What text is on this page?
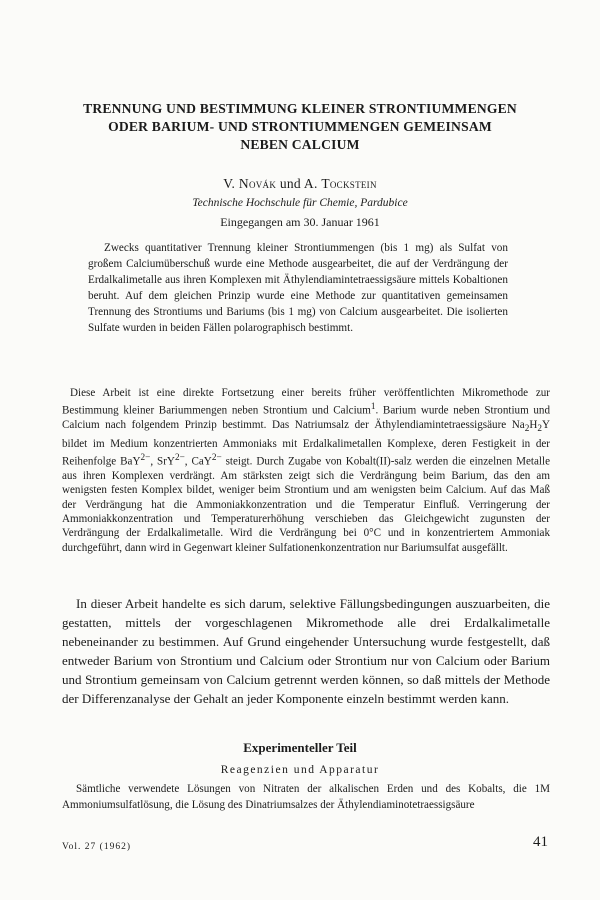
TRENNUNG UND BESTIMMUNG KLEINER STRONTIUMMENGEN
ODER BARIUM- UND STRONTIUMMENGEN GEMEINSAM
NEBEN CALCIUM
V. Novák und A. Tockstein
Technische Hochschule für Chemie, Pardubice
Eingegangen am 30. Januar 1961
Zwecks quantitativer Trennung kleiner Strontiummengen (bis 1 mg) als Sulfat von großem Calciumüberschuß wurde eine Methode ausgearbeitet, die auf der Verdrängung der Erdalkalimetalle aus ihren Komplexen mit Äthylendiamintetraessigsäure mittels Kobaltionen beruht. Auf dem gleichen Prinzip wurde eine Methode zur quantitativen gemeinsamen Trennung des Strontiums und Bariums (bis 1 mg) von Calcium ausgearbeitet. Die isolierten Sulfate wurden in beiden Fällen polarographisch bestimmt.
Diese Arbeit ist eine direkte Fortsetzung einer bereits früher veröffentlichten Mikromethode zur Bestimmung kleiner Bariummengen neben Strontium und Calcium$^1$. Barium wurde neben Strontium und Calcium nach folgendem Prinzip bestimmt. Das Natriumsalz der Äthylendiamintetraessigsäure $Na_2H_2Y$ bildet im Medium konzentrierten Ammoniaks mit Erdalkalimetallen Komplexe, deren Festigkeit in der Reihenfolge BaY$^{2-}$, SrY$^{2-}$, CaY$^{2-}$ steigt. Durch Zugabe von Kobalt(II)-salz werden die einzelnen Metalle aus ihren Komplexen verdrängt. Am stärksten zeigt sich die Verdrängung beim Barium, das den am wenigsten festen Komplex bildet, weniger beim Strontium und am wenigsten beim Calcium. Auf das Maß der Verdrängung hat die Ammoniakkonzentration und die Temperatur Einfluß. Verringerung der Ammoniakkonzentration und Temperaturerhöhung verschieben das Gleichgewicht zugunsten der Verdrängung der Erdalkalimetalle. Wird die Verdrängung bei 0°C und in konzentriertem Ammoniak durchgeführt, dann wird in Gegenwart kleiner Sulfationenkonzentration nur Bariumsulfat ausgefällt.
In dieser Arbeit handelte es sich darum, selektive Fällungsbedingungen auszuarbeiten, die gestatten, mittels der vorgeschlagenen Mikromethode alle drei Erdalkalimetalle nebeneinander zu bestimmen. Auf Grund eingehender Untersuchung wurde festgestellt, daß entweder Barium von Strontium und Calcium oder Strontium nur von Calcium oder Barium und Strontium gemeinsam von Calcium getrennt werden können, so daß mittels der Methode der Differenzanalyse der Gehalt an jeder Komponente einzeln bestimmt werden kann.
Experimenteller Teil
Reagenzien und Apparatur
Sämtliche verwendete Lösungen von Nitraten der alkalischen Erden und des Kobalts, die 1M Ammoniumsulfatlösung, die Lösung des Dinatriumsalzes der Äthylendiaminotetraessigsäure
Vol. 27 (1962)	41
